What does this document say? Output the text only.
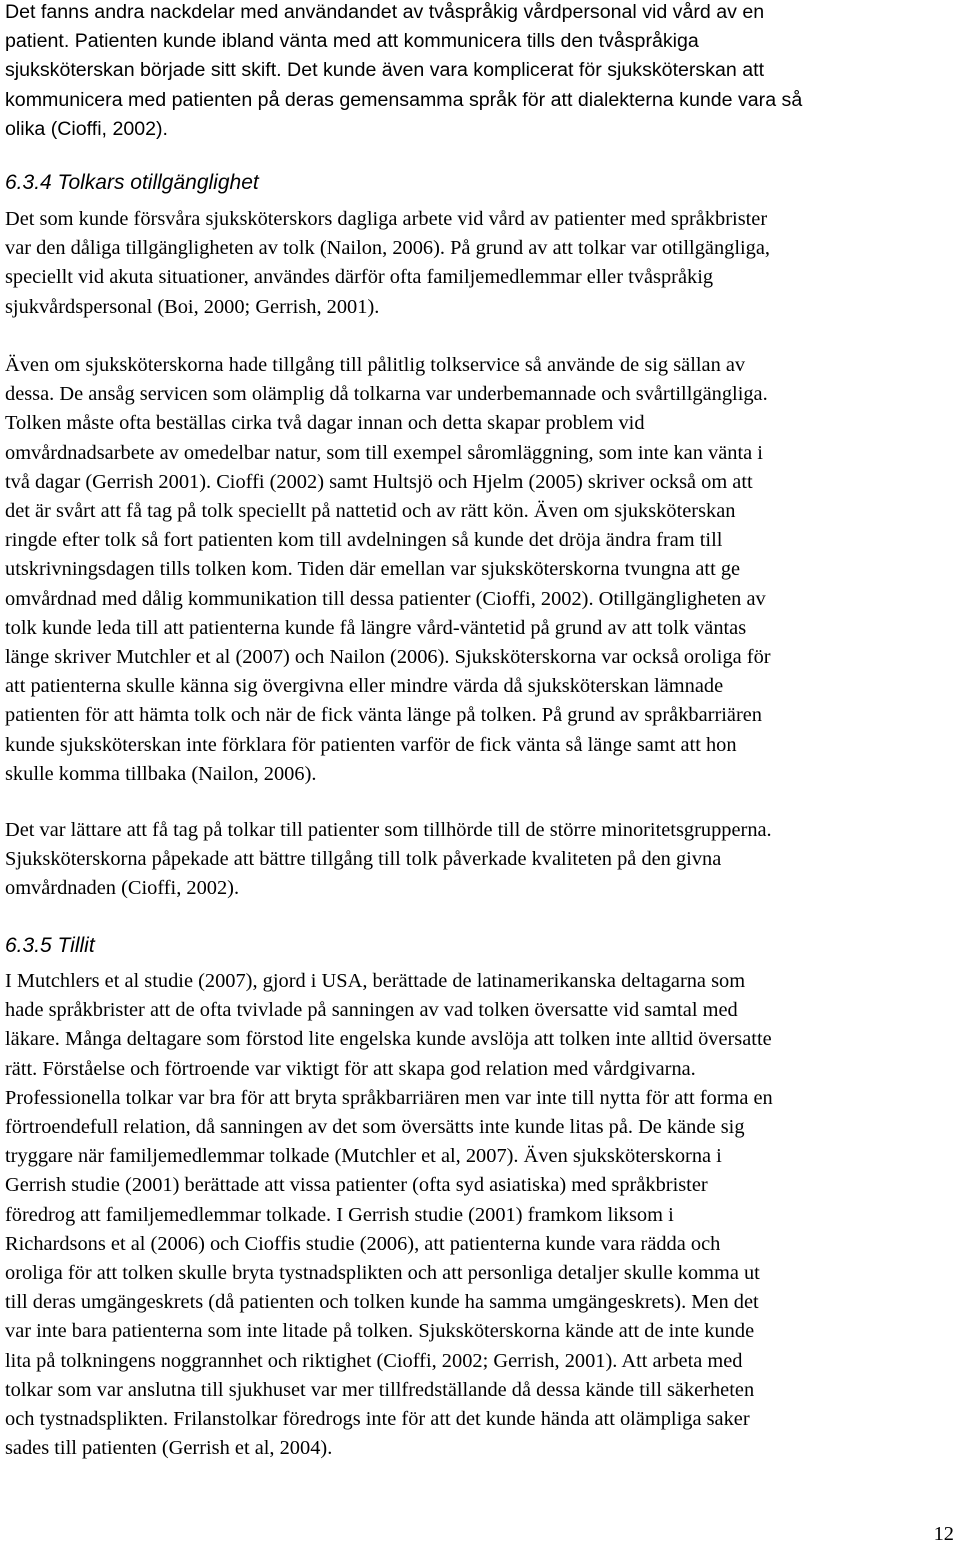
Det fanns andra nackdelar med användandet av tvåspråkig vårdpersonal vid vård av en
patient. Patienten kunde ibland vänta med att kommunicera tills den tvåspråkiga
sjuksköterskan började sitt skift. Det kunde även vara komplicerat för sjuksköterskan att
kommunicera med patienten på deras gemensamma språk för att dialekterna kunde vara så
olika (Cioffi, 2002).
6.3.4 Tolkars otillgänglighet
Det som kunde försvåra sjuksköterskors dagliga arbete vid vård av patienter med språkbrister
var den dåliga tillgängligheten av tolk (Nailon, 2006). På grund av att tolkar var otillgängliga,
speciellt vid akuta situationer, användes därför ofta familjemedlemmar eller tvåspråkig
sjukvårdspersonal (Boi, 2000; Gerrish, 2001).
Även om sjuksköterskorna hade tillgång till pålitlig tolkservice så använde de sig sällan av
dessa. De ansåg servicen som olämplig då tolkarna var underbemannade och svårtillgängliga.
Tolken måste ofta beställas cirka två dagar innan och detta skapar problem vid
omvårdnadsarbete av omedelbar natur, som till exempel såromläggning, som inte kan vänta i
två dagar (Gerrish 2001). Cioffi (2002) samt Hultsjö och Hjelm (2005) skriver också om att
det är svårt att få tag på tolk speciellt på nattetid och av rätt kön. Även om sjuksköterskan
ringde efter tolk så fort patienten kom till avdelningen så kunde det dröja ändra fram till
utskrivningsdagen tills tolken kom. Tiden där emellan var sjuksköterskorna tvungna att ge
omvårdnad med dålig kommunikation till dessa patienter (Cioffi, 2002). Otillgängligheten av
tolk kunde leda till att patienterna kunde få längre vård-väntetid på grund av att tolk väntas
länge skriver Mutchler et al (2007) och Nailon (2006). Sjuksköterskorna var också oroliga för
att patienterna skulle känna sig övergivna eller mindre värda då sjuksköterskan lämnade
patienten för att hämta tolk och när de fick vänta länge på tolken. På grund av språkbarriären
kunde sjuksköterskan inte förklara för patienten varför de fick vänta så länge samt att hon
skulle komma tillbaka (Nailon, 2006).
Det var lättare att få tag på tolkar till patienter som tillhörde till de större minoritetsgrupperna.
Sjuksköterskorna påpekade att bättre tillgång till tolk påverkade kvaliteten på den givna
omvårdnaden (Cioffi, 2002).
6.3.5 Tillit
I Mutchlers et al studie (2007), gjord i USA, berättade de latinamerikanska deltagarna som
hade språkbrister att de ofta tvivlade på sanningen av vad tolken översatte vid samtal med
läkare. Många deltagare som förstod lite engelska kunde avslöja att tolken inte alltid översatte
rätt. Förståelse och förtroende var viktigt för att skapa god relation med vårdgivarna.
Professionella tolkar var bra för att bryta språkbarriären men var inte till nytta för att forma en
förtroendefull relation, då sanningen av det som översätts inte kunde litas på. De kände sig
tryggare när familjemedlemmar tolkade (Mutchler et al, 2007). Även sjuksköterskorna i
Gerrish studie (2001) berättade att vissa patienter (ofta syd asiatiska) med språkbrister
föredrog att familjemedlemmar tolkade. I Gerrish studie (2001) framkom liksom i
Richardsons et al (2006) och Cioffis studie (2006), att patienterna kunde vara rädda och
oroliga för att tolken skulle bryta tystnadsplikten och att personliga detaljer skulle komma ut
till deras umgängeskrets (då patienten och tolken kunde ha samma umgängeskrets). Men det
var inte bara patienterna som inte litade på tolken. Sjuksköterskorna kände att de inte kunde
lita på tolkningens noggrannhet och riktighet (Cioffi, 2002; Gerrish, 2001). Att arbeta med
tolkar som var anslutna till sjukhuset var mer tillfredställande då dessa kände till säkerheten
och tystnadsplikten. Frilanstolkar föredrogs inte för att det kunde hända att olämpliga saker
sades till patienten (Gerrish et al, 2004).
12
